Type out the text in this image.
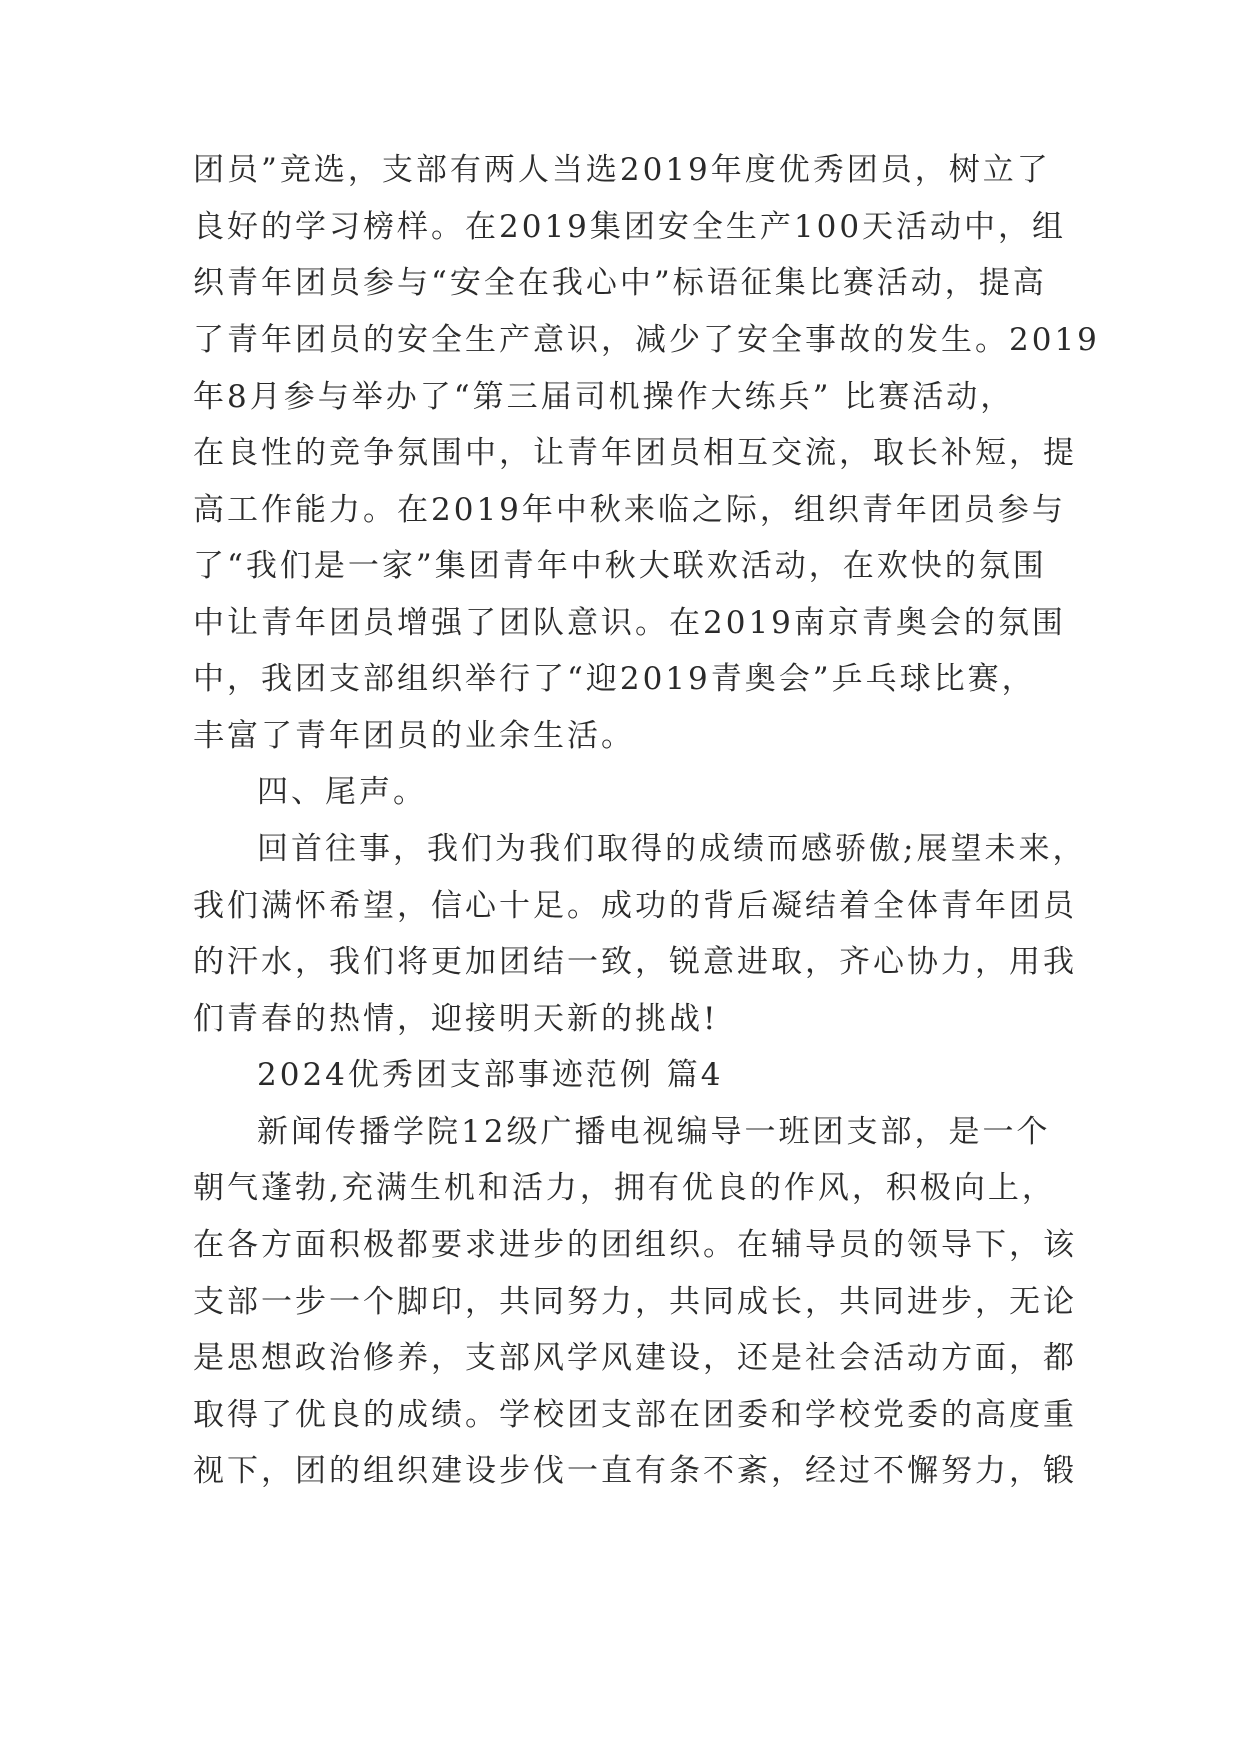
团员”竞选，支部有两人当选2019年度优秀团员，树立了
良好的学习榜样。在2019集团安全生产100天活动中，组
织青年团员参与“安全在我心中”标语征集比赛活动，提高
了青年团员的安全生产意识，减少了安全事故的发生。2019
年8月参与举办了“第三届司机操作大练兵” 比赛活动，
在良性的竞争氛围中，让青年团员相互交流，取长补短，提
高工作能力。在2019年中秋来临之际，组织青年团员参与
了“我们是一家”集团青年中秋大联欢活动，在欢快的氛围
中让青年团员增强了团队意识。在2019南京青奥会的氛围
中，我团支部组织举行了“迎2019青奥会”乒乓球比赛，
丰富了青年团员的业余生活。
四、尾声。
回首往事，我们为我们取得的成绩而感骄傲;展望未来，
我们满怀希望，信心十足。成功的背后凝结着全体青年团员
的汗水，我们将更加团结一致，锐意进取，齐心协力，用我
们青春的热情，迎接明天新的挑战!
2024优秀团支部事迹范例 篇4
新闻传播学院12级广播电视编导一班团支部，是一个
朝气蓬勃,充满生机和活力，拥有优良的作风，积极向上，
在各方面积极都要求进步的团组织。在辅导员的领导下，该
支部一步一个脚印，共同努力，共同成长，共同进步，无论
是思想政治修养，支部风学风建设，还是社会活动方面，都
取得了优良的成绩。学校团支部在团委和学校党委的高度重
视下，团的组织建设步伐一直有条不紊，经过不懈努力，锻
